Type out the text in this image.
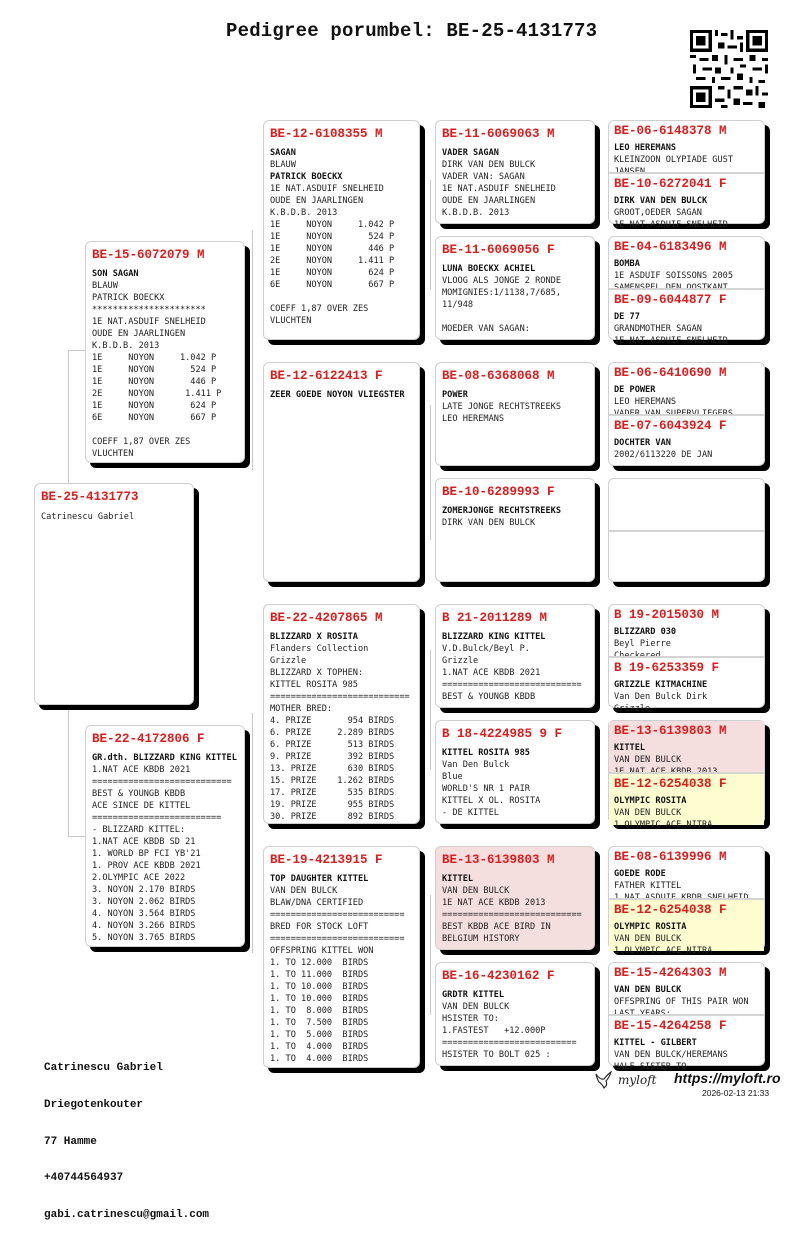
Pedigree porumbel: BE-25-4131773
BE-25-4131773
Catrinescu Gabriel
BE-15-6072079 M
SON SAGAN
BLAUW
PATRICK BOECKX
**********************
1E NAT.ASDUIF SNELHEID
OUDE EN JAARLINGEN
K.B.D.B. 2013
1E     NOYON     1.042 P
1E     NOYON       524 P
1E     NOYON       446 P
2E     NOYON      1.411 P
1E     NOYON       624 P
6E     NOYON       667 P

COEFF 1,87 OVER ZES
VLUCHTEN
BE-22-4172806 F
GR.dth. BLIZZARD KING KITTEL
1.NAT ACE KBDB 2021
===========================
BEST & YOUNGB KBDB
ACE SINCE DE KITTEL
=========================
- BLIZZARD KITTEL:
1.NAT ACE KBDB SD 21
1. WORLD BP FCI YB'21
1. PROV ACE KBDB 2021
2.OLYMPIC ACE 2022
3. NOYON 2.170 BIRDS
3. NOYON 2.062 BIRDS
4. NOYON 3.564 BIRDS
4. NOYON 3.266 BIRDS
5. NOYON 3.765 BIRDS
BE-12-6108355 M
SAGAN
BLAUW
PATRICK BOECKX
1E NAT.ASDUIF SNELHEID
OUDE EN JAARLINGEN
K.B.D.B. 2013
1E     NOYON     1.042 P
1E     NOYON       524 P
1E     NOYON       446 P
2E     NOYON     1.411 P
1E     NOYON       624 P
6E     NOYON       667 P

COEFF 1,87 OVER ZES
VLUCHTEN
BE-12-6122413 F
ZEER GOEDE NOYON VLIEGSTER
BE-22-4207865 M
BLIZZARD X ROSITA
Flanders Collection
Grizzle
BLIZZARD X TOPHEN:
KITTEL ROSITA 985
===========================
MOTHER BRED:
4. PRIZE       954 BIRDS
6. PRIZE     2.289 BIRDS
6. PRIZE       513 BIRDS
9. PRIZE       392 BIRDS
13. PRIZE      630 BIRDS
15. PRIZE    1.262 BIRDS
17. PRIZE      535 BIRDS
19. PRIZE      955 BIRDS
30. PRIZE      892 BIRDS
BE-19-4213915 F
TOP DAUGHTER KITTEL
VAN DEN BULCK
BLAW/DNA CERTIFIED
==========================
BRED FOR STOCK LOFT
==========================
OFFSPRING KITTEL WON
1. TO 12.000  BIRDS
1. TO 11.000  BIRDS
1. TO 10.000  BIRDS
1. TO 10.000  BIRDS
1. TO  8.000  BIRDS
1. TO  7.500  BIRDS
1. TO  5.000  BIRDS
1. TO  4.000  BIRDS
1. TO  4.000  BIRDS
BE-11-6069063 M
VADER SAGAN
DIRK VAN DEN BULCK
VADER VAN: SAGAN
1E NAT.ASDUIF SNELHEID
OUDE EN JAARLINGEN
K.B.D.B. 2013
BE-11-6069056 F
LUNA BOECKX ACHIEL
VLOOG ALS JONGE 2 RONDE
MOMIGNIES:1/1138,7/685,
11/948

MOEDER VAN SAGAN:
BE-08-6368068 M
POWER
LATE JONGE RECHTSTREEKS
LEO HEREMANS
BE-10-6289993 F
ZOMERJONGE RECHTSTREEKS
DIRK VAN DEN BULCK
B 21-2011289 M
BLIZZARD KING KITTEL
V.D.Bulck/Beyl P.
Grizzle
1.NAT ACE KBDB 2021
===========================
BEST & YOUNGB KBDB
B 18-4224985 9 F
KITTEL ROSITA 985
Van Den Bulck
Blue
WORLD'S NR 1 PAIR
KITTEL X OL. ROSITA
- DE KITTEL
BE-13-6139803 M
KITTEL
VAN DEN BULCK
1E NAT ACE KBDB 2013
===========================
BEST KBDB ACE BIRD IN
BELGIUM HISTORY
BE-16-4230162 F
GRDTR KITTEL
VAN DEN BULCK
HSISTER TO:
1.FASTEST   +12.000P
==========================
HSISTER TO BOLT 025 :
BE-06-6148378 M
LEO HEREMANS
KLEINZOON OLYPIADE GUST
JANSEN
BE-10-6272041 F
DIRK VAN DEN BULCK
GROOT,OEDER SAGAN
1E NAT.ASDUIF SNELHEID
BE-04-6183496 M
BOMBA
1E ASDUIF SOISSONS 2005
SAMENSPEL DEN OOSTKANT
BE-09-6044877 F
DE 77
GRANDMOTHER SAGAN
1E NAT.ASDUIF SNELHEID
BE-06-6410690 M
DE POWER
LEO HEREMANS
VADER VAN SUPERVLIEGERS
BE-07-6043924 F
DOCHTER VAN
2002/6113220 DE JAN
B 19-2015030 M
BLIZZARD 030
Beyl Pierre
Checkered
B 19-6253359 F
GRIZZLE KITMACHINE
Van Den Bulck Dirk
Grizzle
BE-13-6139803 M
KITTEL
VAN DEN BULCK
BE-12-6254038 F
OLYMPIC ROSITA
VAN DEN BULCK
1.OLYMPIC ACE NITRA
BE-08-6139996 M
GOEDE RODE
FATHER KITTEL
BE-12-6254038 F
OLYMPIC ROSITA
VAN DEN BULCK
1.OLYMPIC ACE NITRA
BE-15-4264303 M
VAN DEN BULCK
OFFSPRING OF THIS PAIR WON
LAST YEARS:
BE-15-4264258 F
KITTEL - GILBERT
VAN DEN BULCK/HEREMANS
HALF SISTER TO

Catrinescu Gabriel

Driegotenkouter

77 Hamme

+40744564937

gabi.catrinescu@gmail.com

myloft https://myloft.ro
2026-02-13 21:33
